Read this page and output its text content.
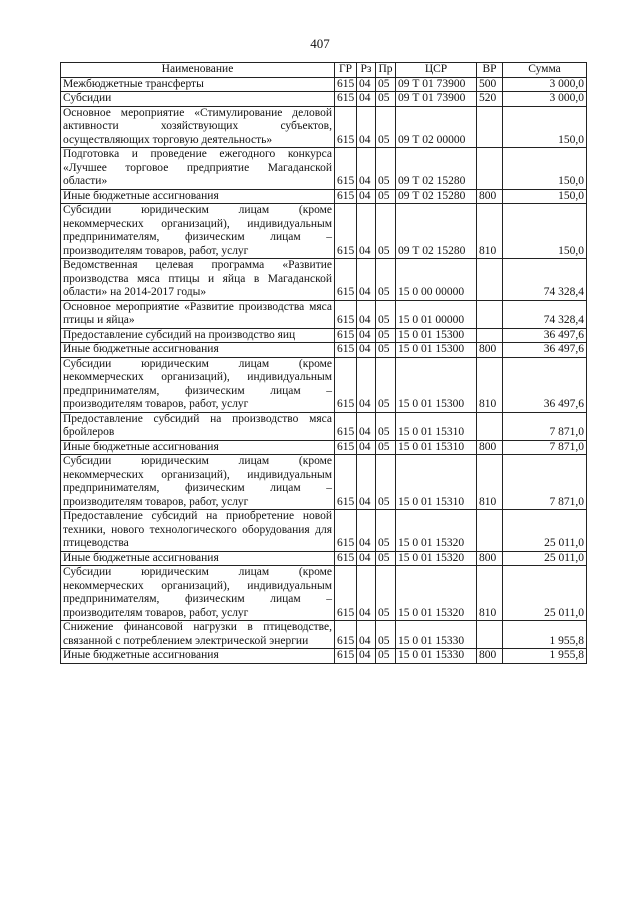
407
Наименование	ГР	Рз	Пр	ЦСР	ВР	Сумма
Межбюджетные трансферты	615	04	05	09 Т 01 73900	500	3 000,0
Субсидии	615	04	05	09 Т 01 73900	520	3 000,0
Основное мероприятие «Стимулирование деловой активности хозяйствующих субъектов, осуществляющих торговую деятельность»	615	04	05	09 Т 02 00000		150,0
Подготовка и проведение ежегодного конкурса «Лучшее торговое предприятие Магаданской области»	615	04	05	09 Т 02 15280		150,0
Иные бюджетные ассигнования	615	04	05	09 Т 02 15280	800	150,0
Субсидии юридическим лицам (кроме некоммерческих организаций), индивидуальным предпринимателям, физическим лицам – производителям товаров, работ, услуг	615	04	05	09 Т 02 15280	810	150,0
Ведомственная целевая программа «Развитие производства мяса птицы и яйца в Магаданской области» на 2014-2017 годы»	615	04	05	15 0 00 00000		74 328,4
Основное мероприятие «Развитие производства мяса птицы и яйца»	615	04	05	15 0 01 00000		74 328,4
Предоставление субсидий на производство яиц	615	04	05	15 0 01 15300		36 497,6
Иные бюджетные ассигнования	615	04	05	15 0 01 15300	800	36 497,6
Субсидии юридическим лицам (кроме некоммерческих организаций), индивидуальным предпринимателям, физическим лицам – производителям товаров, работ, услуг	615	04	05	15 0 01 15300	810	36 497,6
Предоставление субсидий на производство мяса бройлеров	615	04	05	15 0 01 15310		7 871,0
Иные бюджетные ассигнования	615	04	05	15 0 01 15310	800	7 871,0
Субсидии юридическим лицам (кроме некоммерческих организаций), индивидуальным предпринимателям, физическим лицам – производителям товаров, работ, услуг	615	04	05	15 0 01 15310	810	7 871,0
Предоставление субсидий на приобретение новой техники, нового технологического оборудования для птицеводства	615	04	05	15 0 01 15320		25 011,0
Иные бюджетные ассигнования	615	04	05	15 0 01 15320	800	25 011,0
Субсидии юридическим лицам (кроме некоммерческих организаций), индивидуальным предпринимателям, физическим лицам – производителям товаров, работ, услуг	615	04	05	15 0 01 15320	810	25 011,0
Снижение финансовой нагрузки в птицеводстве, связанной с потреблением электрической энергии	615	04	05	15 0 01 15330		1 955,8
Иные бюджетные ассигнования	615	04	05	15 0 01 15330	800	1 955,8
